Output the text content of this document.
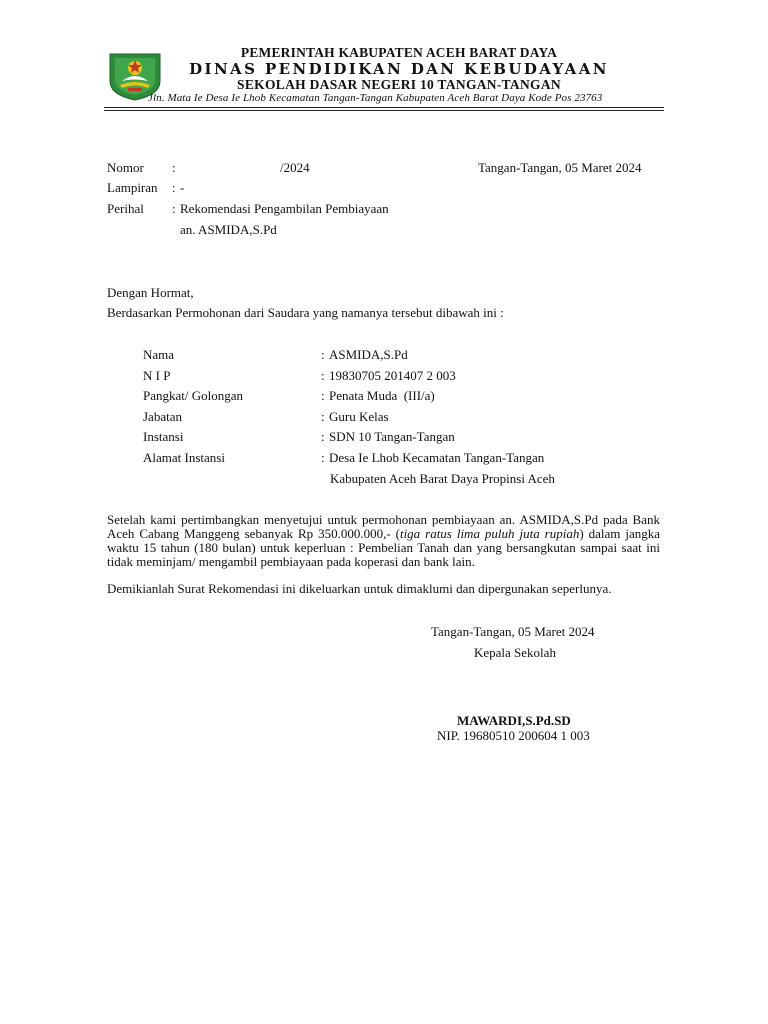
PEMERINTAH KABUPATEN ACEH BARAT DAYA
DINAS PENDIDIKAN DAN KEBUDAYAAN
SEKOLAH DASAR NEGERI 10 TANGAN-TANGAN
Jln. Mata Ie Desa Ie Lhob Kecamatan Tangan-Tangan Kabupaten Aceh Barat Daya Kode Pos 23763
Nomor :	/2024	Tangan-Tangan, 05 Maret 2024
Lampiran : -
Perihal : Rekomendasi Pengambilan Pembiayaan
an. ASMIDA,S.Pd
Dengan Hormat,
Berdasarkan Permohonan dari Saudara yang namanya tersebut dibawah ini :
Nama	: ASMIDA,S.Pd
N I P	: 19830705 201407 2 003
Pangkat/ Golongan	: Penata Muda  (III/a)
Jabatan	: Guru Kelas
Instansi	: SDN 10 Tangan-Tangan
Alamat Instansi	: Desa Ie Lhob Kecamatan Tangan-Tangan
Kabupaten Aceh Barat Daya Propinsi Aceh
Setelah kami pertimbangkan menyetujui untuk permohonan pembiayaan an. ASMIDA,S.Pd pada Bank Aceh Cabang Manggeng sebanyak Rp 350.000.000,- (tiga ratus lima puluh juta rupiah) dalam jangka waktu 15 tahun (180 bulan) untuk keperluan : Pembelian Tanah dan yang bersangkutan sampai saat ini tidak meminjam/ mengambil pembiayaan pada koperasi dan bank lain.
Demikianlah Surat Rekomendasi ini dikeluarkan untuk dimaklumi dan dipergunakan seperlunya.
Tangan-Tangan, 05 Maret 2024
Kepala Sekolah
MAWARDI,S.Pd.SD
NIP. 19680510 200604 1 003
